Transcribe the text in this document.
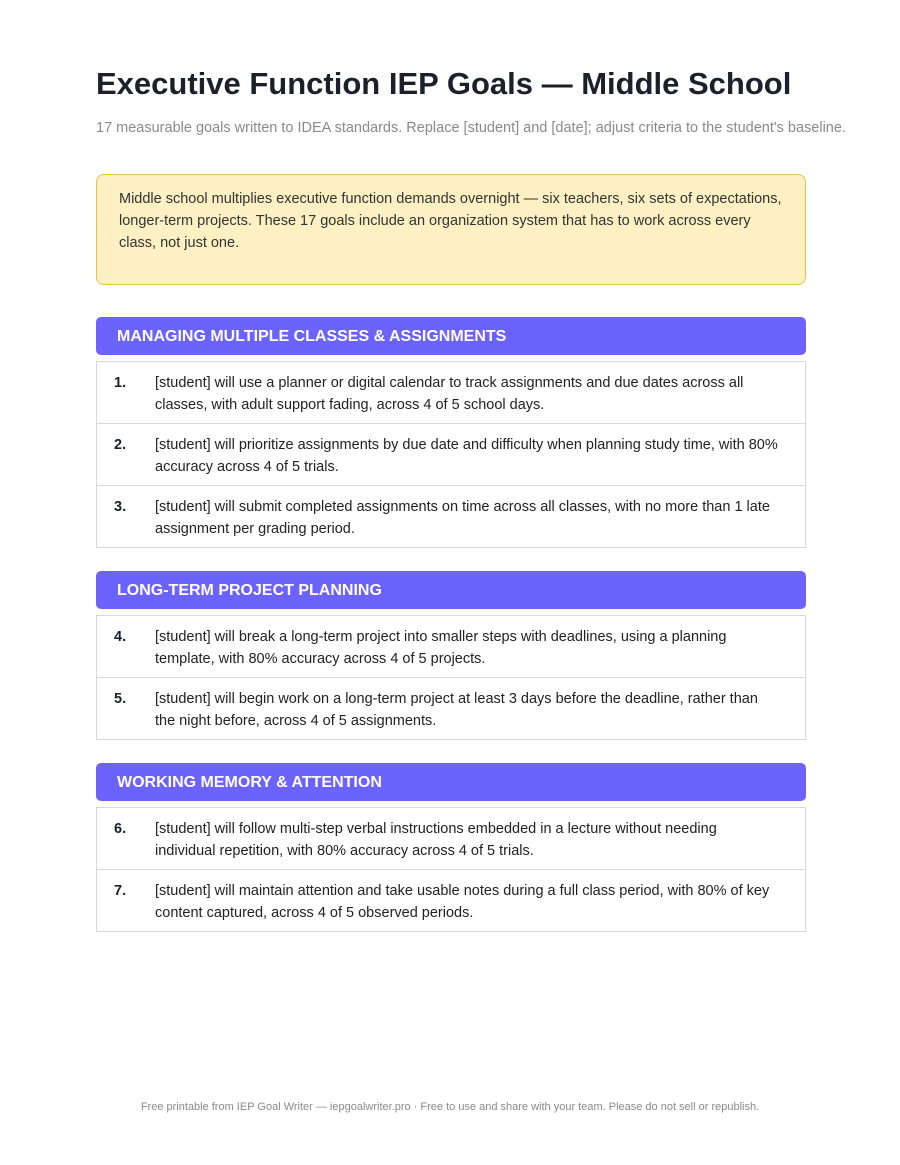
Executive Function IEP Goals — Middle School

17 measurable goals written to IDEA standards. Replace [student] and [date]; adjust criteria to the student's baseline.

Middle school multiplies executive function demands overnight — six teachers, six sets of expectations, longer-term projects. These 17 goals include an organization system that has to work across every class, not just one.
MANAGING MULTIPLE CLASSES & ASSIGNMENTS
1.	[student] will use a planner or digital calendar to track assignments and due dates across all classes, with adult support fading, across 4 of 5 school days.
2.	[student] will prioritize assignments by due date and difficulty when planning study time, with 80% accuracy across 4 of 5 trials.
3.	[student] will submit completed assignments on time across all classes, with no more than 1 late assignment per grading period.
LONG-TERM PROJECT PLANNING
4.	[student] will break a long-term project into smaller steps with deadlines, using a planning template, with 80% accuracy across 4 of 5 projects.
5.	[student] will begin work on a long-term project at least 3 days before the deadline, rather than the night before, across 4 of 5 assignments.
WORKING MEMORY & ATTENTION
6.	[student] will follow multi-step verbal instructions embedded in a lecture without needing individual repetition, with 80% accuracy across 4 of 5 trials.
7.	[student] will maintain attention and take usable notes during a full class period, with 80% of key content captured, across 4 of 5 observed periods.
Free printable from IEP Goal Writer — iepgoalwriter.pro · Free to use and share with your team. Please do not sell or republish.
